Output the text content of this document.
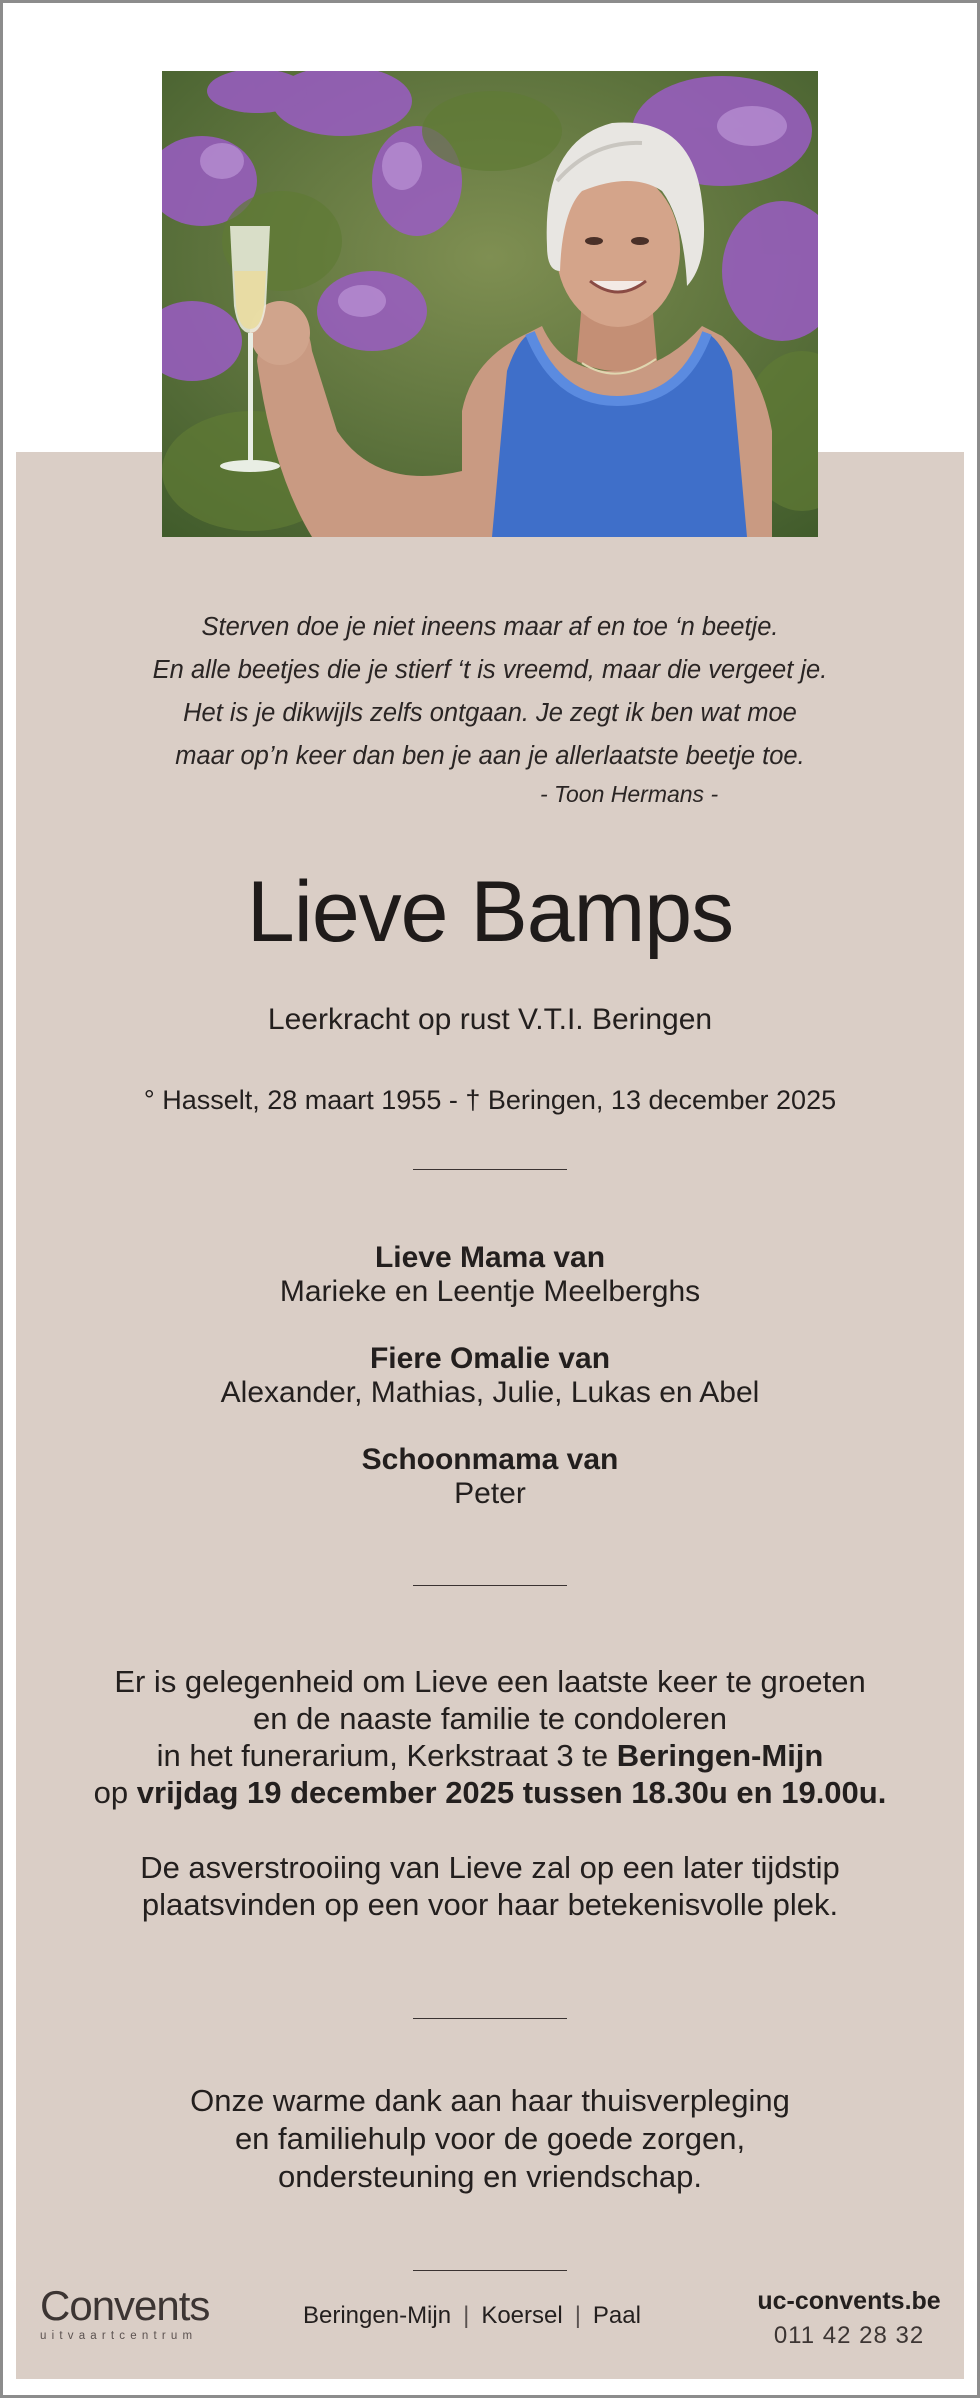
Sterven doe je niet ineens maar af en toe ‘n beetje.
En alle beetjes die je stierf ‘t is vreemd, maar die vergeet je.
Het is je dikwijls zelfs ontgaan. Je zegt ik ben wat moe
maar op’n keer dan ben je aan je allerlaatste beetje toe.
- Toon Hermans -
Lieve Bamps
Leerkracht op rust V.T.I. Beringen
° Hasselt, 28 maart 1955 - † Beringen, 13 december 2025
Lieve Mama van
Marieke en Leentje Meelberghs
Fiere Omalie van
Alexander, Mathias, Julie, Lukas en Abel
Schoonmama van
Peter
Er is gelegenheid om Lieve een laatste keer te groeten
en de naaste familie te condoleren
in het funerarium, Kerkstraat 3 te Beringen-Mijn
op vrijdag 19 december 2025 tussen 18.30u en 19.00u.
De asverstrooiing van Lieve zal op een later tijdstip
plaatsvinden op een voor haar betekenisvolle plek.
Onze warme dank aan haar thuisverpleging
en familiehulp voor de goede zorgen,
ondersteuning en vriendschap.
Convents
uitvaartcentrum
Beringen-Mijn | Koersel | Paal
uc-convents.be
011 42 28 32
